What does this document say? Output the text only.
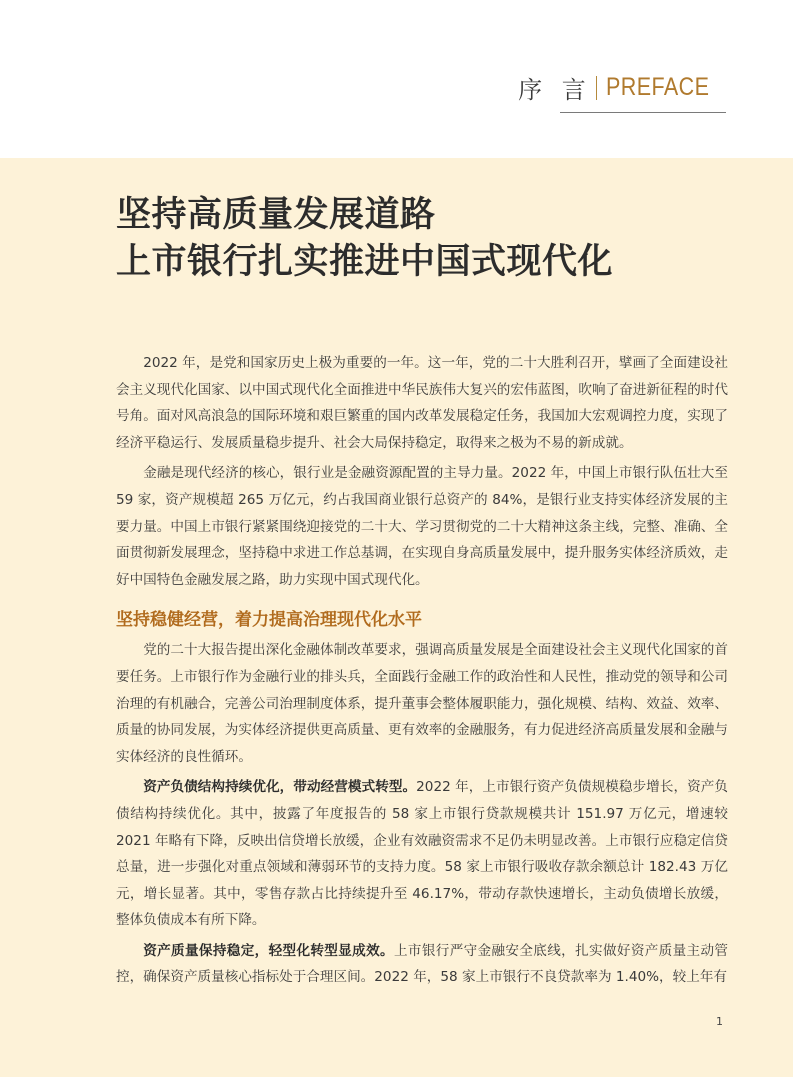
序 言 PREFACE
坚持高质量发展道路
上市银行扎实推进中国式现代化

2022 年，是党和国家历史上极为重要的一年。这一年，党的二十大胜利召开，擘画了全面建设社会主义现代化国家、以中国式现代化全面推进中华民族伟大复兴的宏伟蓝图，吹响了奋进新征程的时代号角。面对风高浪急的国际环境和艰巨繁重的国内改革发展稳定任务，我国加大宏观调控力度，实现了经济平稳运行、发展质量稳步提升、社会大局保持稳定，取得来之极为不易的新成就。

金融是现代经济的核心，银行业是金融资源配置的主导力量。2022 年，中国上市银行队伍壮大至 59 家，资产规模超 265 万亿元，约占我国商业银行总资产的 84%，是银行业支持实体经济发展的主要力量。中国上市银行紧紧围绕迎接党的二十大、学习贯彻党的二十大精神这条主线，完整、准确、全面贯彻新发展理念，坚持稳中求进工作总基调，在实现自身高质量发展中，提升服务实体经济质效，走好中国特色金融发展之路，助力实现中国式现代化。

坚持稳健经营，着力提高治理现代化水平

党的二十大报告提出深化金融体制改革要求，强调高质量发展是全面建设社会主义现代化国家的首要任务。上市银行作为金融行业的排头兵，全面践行金融工作的政治性和人民性，推动党的领导和公司治理的有机融合，完善公司治理制度体系，提升董事会整体履职能力，强化规模、结构、效益、效率、质量的协同发展，为实体经济提供更高质量、更有效率的金融服务，有力促进经济高质量发展和金融与实体经济的良性循环。

资产负债结构持续优化，带动经营模式转型。2022 年，上市银行资产负债规模稳步增长，资产负债结构持续优化。其中，披露了年度报告的 58 家上市银行贷款规模共计 151.97 万亿元，增速较 2021 年略有下降，反映出信贷增长放缓，企业有效融资需求不足仍未明显改善。上市银行应稳定信贷总量，进一步强化对重点领域和薄弱环节的支持力度。58 家上市银行吸收存款余额总计 182.43 万亿元，增长显著。其中，零售存款占比持续提升至 46.17%，带动存款快速增长，主动负债增长放缓，整体负债成本有所下降。

资产质量保持稳定，轻型化转型显成效。上市银行严守金融安全底线，扎实做好资产质量主动管控，确保资产质量核心指标处于合理区间。2022 年，58 家上市银行不良贷款率为 1.40%，较上年有

1
